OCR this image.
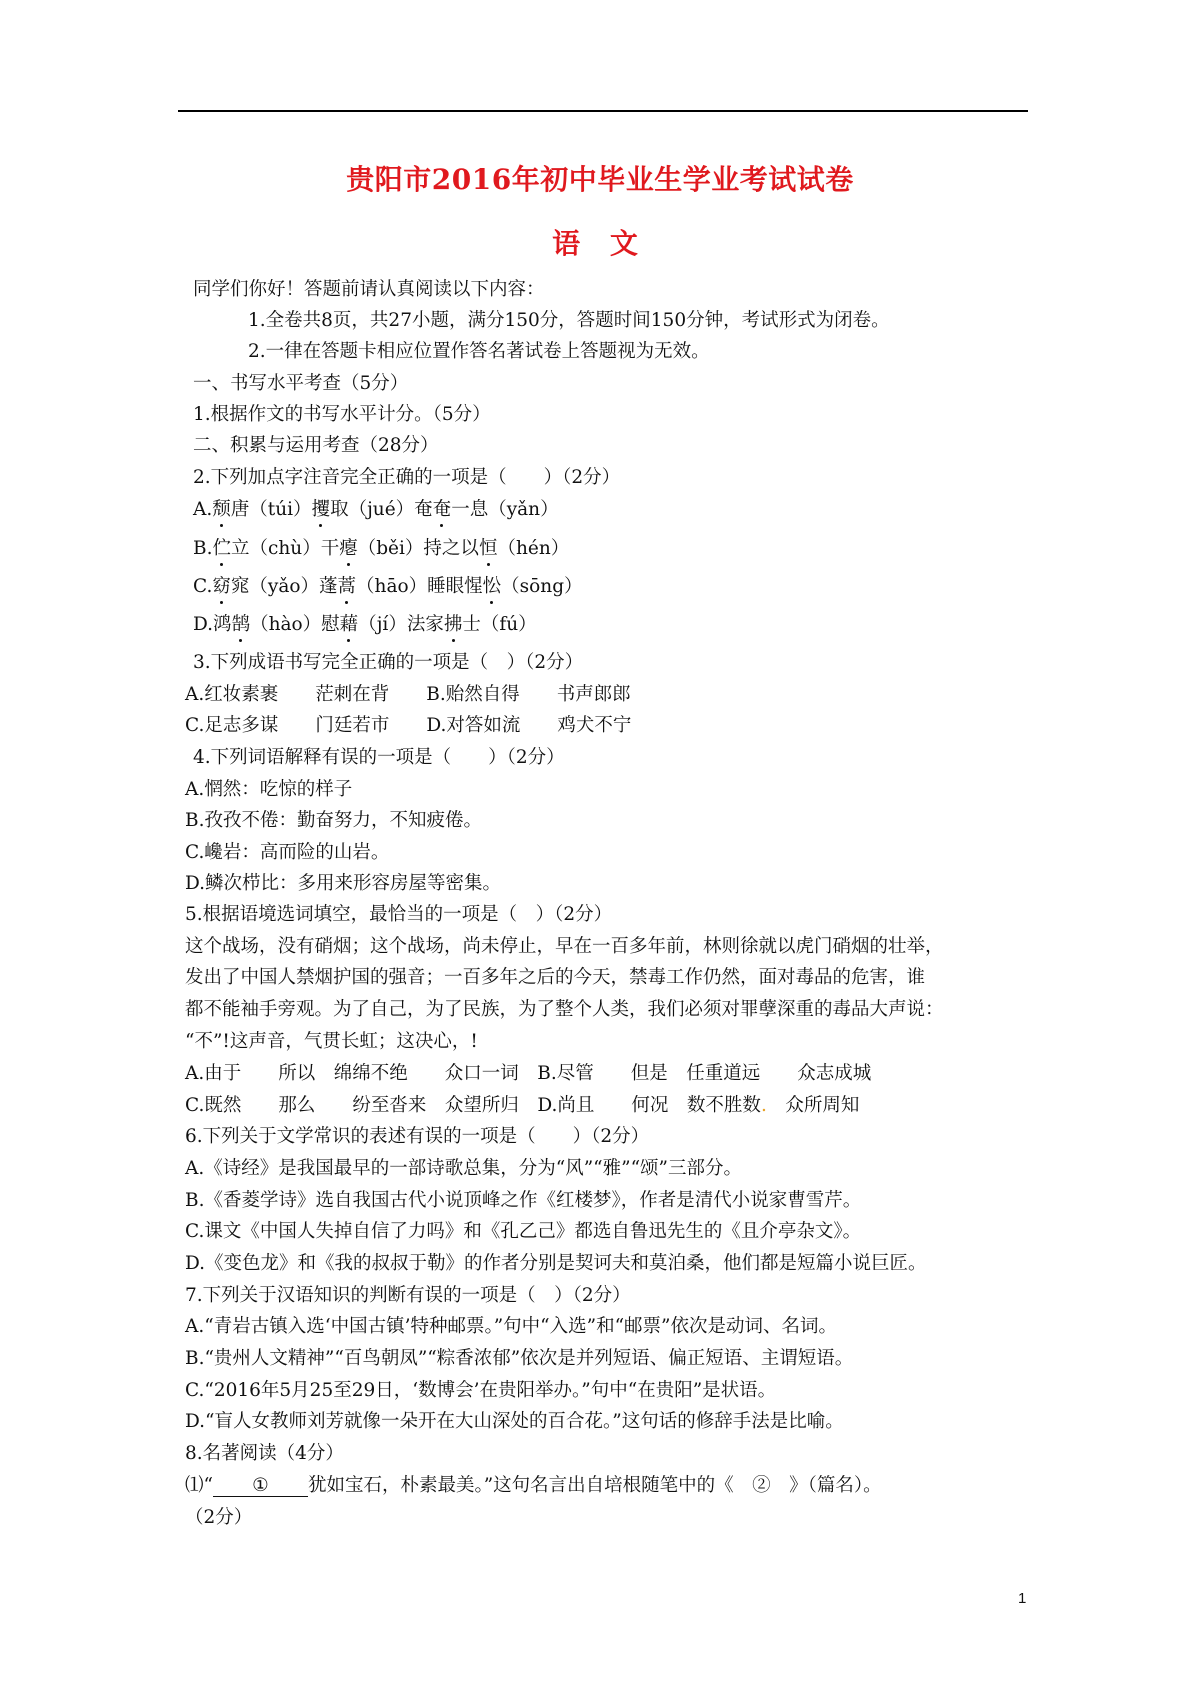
贵阳市2016年初中毕业生学业考试试卷
语 文
同学们你好！答题前请认真阅读以下内容：
1.全卷共8页，共27小题，满分150分，答题时间150分钟，考试形式为闭卷。
2.一律在答题卡相应位置作答名著试卷上答题视为无效。
一、书写水平考查（5分）
1.根据作文的书写水平计分。（5分）
二、积累与运用考查（28分）
2.下列加点字注音完全正确的一项是（　　）（2分）
A.颓唐（túi）攫取（jué）奄奄一息（yǎn）
B.伫立（chù）干瘪（běi）持之以恒（hén）
C.窈窕（yǎo）蓬蒿（hāo）睡眼惺忪（sōng）
D.鸿鹄（hào）慰藉（jí）法家拂士（fú）
3.下列成语书写完全正确的一项是（　）（2分）
A.红妆素裹　　茫刺在背　　B.贻然自得　　书声郎郎
C.足志多谋　　门廷若市　　D.对答如流　　鸡犬不宁
4.下列词语解释有误的一项是（　　）（2分）
A.惘然：吃惊的样子
B.孜孜不倦：勤奋努力，不知疲倦。
C.巉岩：高而险的山岩。
D.鳞次栉比：多用来形容房屋等密集。
5.根据语境选词填空，最恰当的一项是（　）（2分）
这个战场，没有硝烟；这个战场，尚未停止，早在一百多年前，林则徐就以虎门硝烟的壮举，
发出了中国人禁烟护国的强音；一百多年之后的今天，禁毒工作仍然，面对毒品的危害，谁
都不能袖手旁观。为了自己，为了民族，为了整个人类，我们必须对罪孽深重的毒品大声说：
“不”!这声音，气贯长虹；这决心，!
A.由于　　所以　绵绵不绝　　众口一词　B.尽管　　但是　任重道远　　众志成城
C.既然　　那么　　纷至沓来　众望所归　D.尚且　　何况　数不胜数.　众所周知
6.下列关于文学常识的表述有误的一项是（　　）（2分）
A.《诗经》是我国最早的一部诗歌总集，分为“风”“雅”“颂”三部分。
B.《香菱学诗》选自我国古代小说顶峰之作《红楼梦》，作者是清代小说家曹雪芹。
C.课文《中国人失掉自信了力吗》和《孔乙己》都选自鲁迅先生的《且介亭杂文》。
D.《变色龙》和《我的叔叔于勒》的作者分别是契诃夫和莫泊桑，他们都是短篇小说巨匠。
7.下列关于汉语知识的判断有误的一项是（　）（2分）
A.“青岩古镇入选‘中国古镇’特种邮票。”句中“入选”和“邮票”依次是动词、名词。
B.“贵州人文精神”“百鸟朝凤”“粽香浓郁”依次是并列短语、偏正短语、主谓短语。
C.“2016年5月25至29日，‘数博会’在贵阳举办。”句中“在贵阳”是状语。
D.“盲人女教师刘芳就像一朵开在大山深处的百合花。”这句话的修辞手法是比喻。
8.名著阅读（4分）
⑴“ ① 犹如宝石，朴素最美。”这句名言出自培根随笔中的《　②　》（篇名）。
（2分）
1
